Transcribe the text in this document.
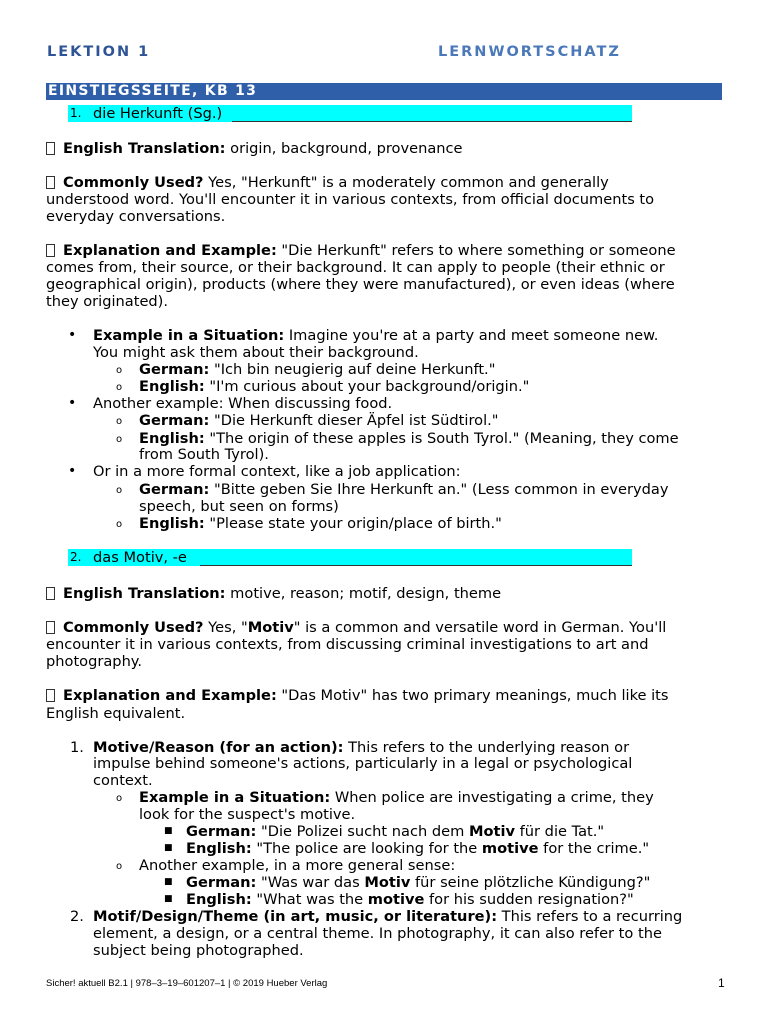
LEKTION 1	LERNWORTSCHATZ
EINSTIEGSSEITE, KB 13
1. die Herkunft (Sg.)
English Translation: origin, background, provenance
Commonly Used? Yes, "Herkunft" is a moderately common and generally
understood word. You'll encounter it in various contexts, from official documents to
everyday conversations.
Explanation and Example: "Die Herkunft" refers to where something or someone
comes from, their source, or their background. It can apply to people (their ethnic or
geographical origin), products (where they were manufactured), or even ideas (where
they originated).
• Example in a Situation: Imagine you're at a party and meet someone new.
You might ask them about their background.
o German: "Ich bin neugierig auf deine Herkunft."
o English: "I'm curious about your background/origin."
• Another example: When discussing food.
o German: "Die Herkunft dieser Äpfel ist Südtirol."
o English: "The origin of these apples is South Tyrol." (Meaning, they come
from South Tyrol).
• Or in a more formal context, like a job application:
o German: "Bitte geben Sie Ihre Herkunft an." (Less common in everyday
speech, but seen on forms)
o English: "Please state your origin/place of birth."
2. das Motiv, -e
English Translation: motive, reason; motif, design, theme
Commonly Used? Yes, "Motiv" is a common and versatile word in German. You'll
encounter it in various contexts, from discussing criminal investigations to art and
photography.
Explanation and Example: "Das Motiv" has two primary meanings, much like its
English equivalent.
1. Motive/Reason (for an action): This refers to the underlying reason or
impulse behind someone's actions, particularly in a legal or psychological
context.
o Example in a Situation: When police are investigating a crime, they
look for the suspect's motive.
■ German: "Die Polizei sucht nach dem Motiv für die Tat."
■ English: "The police are looking for the motive for the crime."
o Another example, in a more general sense:
■ German: "Was war das Motiv für seine plötzliche Kündigung?"
■ English: "What was the motive for his sudden resignation?"
2. Motif/Design/Theme (in art, music, or literature): This refers to a recurring
element, a design, or a central theme. In photography, it can also refer to the
subject being photographed.
Sicher! aktuell B2.1 | 978–3–19–601207–1 | © 2019 Hueber Verlag	1
